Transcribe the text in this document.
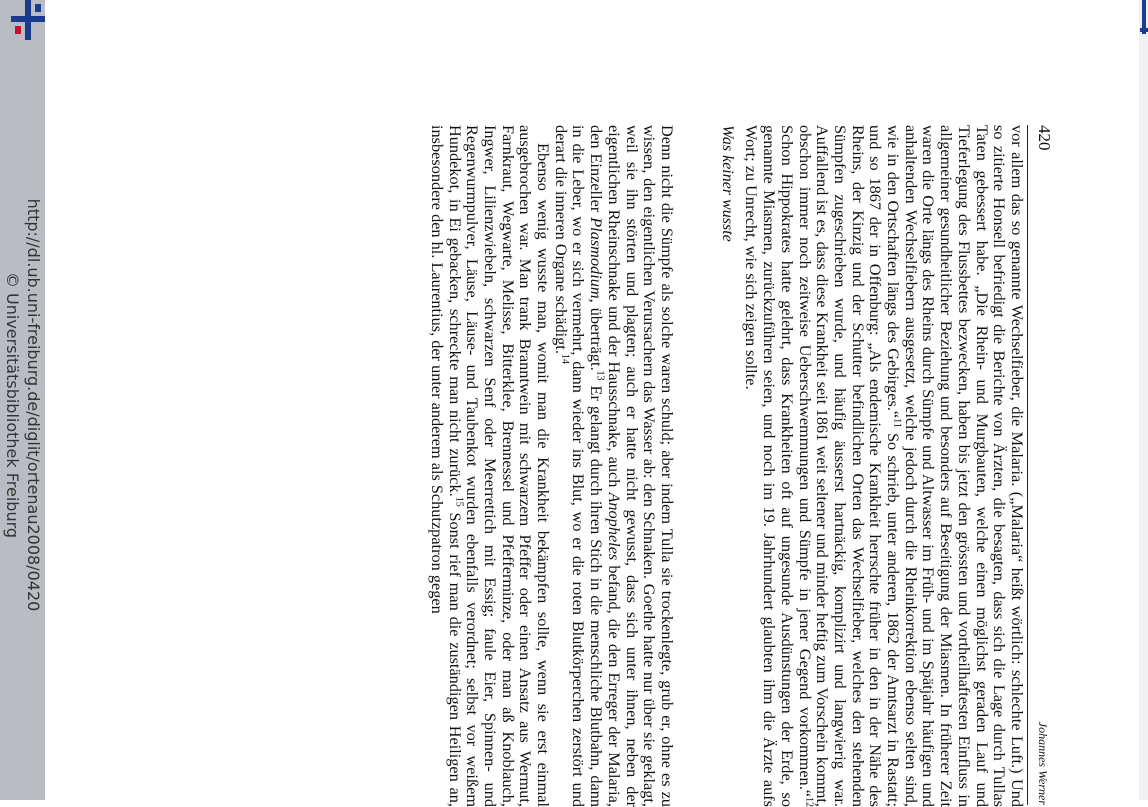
420
Johannes Werner

vor allem das so genannte Wechselfieber, die Malaria. („Malaria“ heißt wörtlich: schlechte Luft.) Und so zitierte Honsell befriedigt die Berichte von Ärzten, die besagten, dass sich die Lage durch Tullas Taten gebessert habe. „Die Rhein- und Murgbauten, welche einen möglichst geraden Lauf und Tieferlegung des Flussbettes bezwecken, haben bis jetzt den grössten und vortheilhaftesten Einfluss in allgemeiner gesundheitlicher Beziehung und besonders auf Beseitigung der Miasmen. In früherer Zeit waren die Orte längs des Rheins durch Sümpfe und Altwasser im Früh- und im Spätjahr häufigen und anhaltenden Wechselfiebern ausgesetzt, welche jedoch durch die Rheinkorrektion ebenso selten sind, wie in den Ortschaften längs des Gebirges.“$^{11}$ So schrieb, unter anderen, 1862 der Amtsarzt in Rastatt; und so 1867 der in Offenburg: „Als endemische Krankheit herrschte früher in den in der Nähe des Rheins, der Kinzig und der Schutter befindlichen Orten das Wechselfieber, welches den stehenden Sümpfen zugeschrieben wurde, und häufig äusserst hartnäckig, komplizirt und langwierig war. Auffallend ist es, dass diese Krankheit seit 1861 weit seltener und minder heftig zum Vorschein kommt, obschon immer noch zeitweise Ueberschwemmungen und Sümpfe in jener Gegend vorkommen.“$^{12}$ Schon Hippokrates hatte gelehrt, dass Krankheiten oft auf ungesunde Ausdünstungen der Erde, so genannte Miasmen, zurückzuführen seien, und noch im 19. Jahrhundert glaubten ihm die Ärzte aufs Wort; zu Unrecht, wie sich zeigen sollte.

Was keiner wusste

Denn nicht die Sümpfe als solche waren schuld; aber indem Tulla sie trockenlegte, grub er, ohne es zu wissen, den eigentlichen Verursachern das Wasser ab: den Schnaken. Goethe hatte nur über sie geklagt, weil sie ihn störten und plagten; auch er hatte nicht gewusst, dass sich unter ihnen, neben der eigentlichen Rheinschnake und der Hausschnake, auch Anopheles befand, die den Erreger der Malaria, den Einzeller Plasmodium, überträgt.$^{13}$ Er gelangt durch ihren Stich in die menschliche Blutbahn, dann in die Leber, wo er sich vermehrt, dann wieder ins Blut, wo er die roten Blutkörperchen zerstört und derart die inneren Organe schädigt.$^{14}$

Ebenso wenig wusste man, womit man die Krankheit bekämpfen sollte, wenn sie erst einmal ausgebrochen war. Man trank Branntwein mit schwarzem Pfeffer oder einen Ansatz aus Wermut, Farnkraut, Wegwarte, Melisse, Bitterklee, Brennessel und Pfefferminze, oder man aß Knoblauch, Ingwer, Lilienzwiebeln, schwarzen Senf oder Meerrettich mit Essig; faule Eier, Spinnen- und Regenwurmpulver, Läuse, Läuse- und Taubenkot wurden ebenfalls verordnet; selbst vor weißem Hundekot, in Ei gebacken, schreckte man nicht zurück.$^{15}$ Sonst rief man die zuständigen Heiligen an, insbesondere den hl. Laurentius, der unter anderem als Schutzpatron gegen

http://dl.ub.uni-freiburg.de/diglit/ortenau2008/0420
© Universitätsbibliothek Freiburg
